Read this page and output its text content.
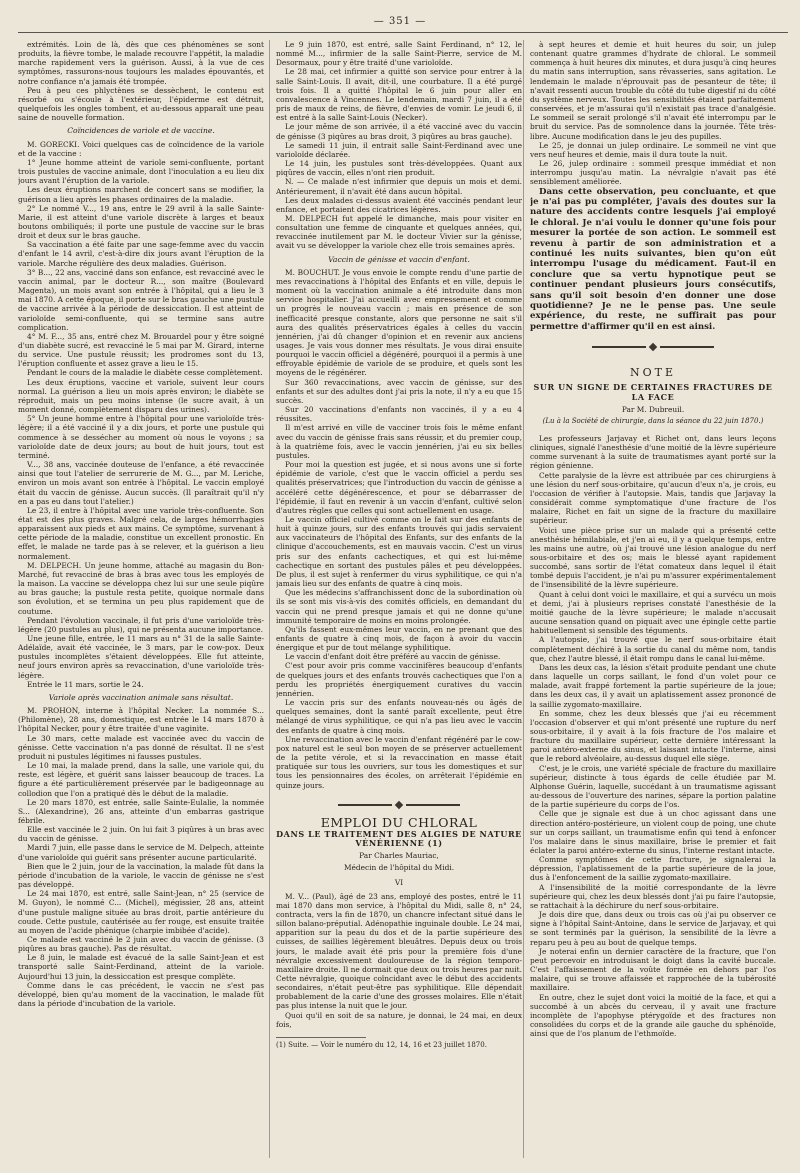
— 351 —

extrémités. Loin de là, dès que ces phénomènes se sont produits, la fièvre tombe, le malade recouvre l'appétit, la maladie marche rapidement vers la guérison. Aussi, à la vue de ces symptômes, rassurons-nous toujours les malades épouvantés, et notre confiance n'a jamais été trompée.

Peu à peu ces phlyctènes se dessèchent, le contenu est résorbé ou s'écoule à l'extérieur, l'épiderme est détruit, quelquefois les ongles tombent, et au-dessous apparaît une peau saine de nouvelle formation.

Coïncidences de variole et de vaccine.

M. GORECKI. Voici quelques cas de coïncidence de la variole et de la vaccine :

1° Jeune homme atteint de variole semi-confluente, portant trois pustules de vaccine animale, dont l'inoculation a eu lieu dix jours avant l'éruption de la variole.

Les deux éruptions marchent de concert sans se modifier, la guérison a lieu après les phases ordinaires de la maladie.

2° Le nommé V..., 19 ans, entre le 29 avril à la salle Sainte-Marie, il est atteint d'une variole discrète à larges et beaux boutons ombiliqués; il porte une pustule de vaccine sur le bras droit et deux sur le bras gauche.

Sa vaccination a été faite par une sage-femme avec du vaccin d'enfant le 14 avril, c'est-à-dire dix jours avant l'éruption de la variole. Marche régulière des deux maladies. Guérison.

3° B..., 22 ans, vacciné dans son enfance, est revacciné avec le vaccin animal, par le docteur R..., son maître (Boulevard Magenta), un mois avant son entrée à l'hôpital, qui a lieu le 3 mai 1870. A cette époque, il porte sur le bras gauche une pustule de vaccine arrivée à la période de dessiccation. Il est atteint de varioloïde semi-confluente, qui se termine sans autre complication.

4° M. F..., 35 ans, entré chez M. Brouardel pour y être soigné d'un diabète sucré, est revacciné le 5 mai par M. Girard, interne du service. Une pustule réussit; les prodromes sont du 13, l'éruption confluente et assez grave a lieu le 15.

Pendant le cours de la maladie le diabète cesse complètement.

Les deux éruptions, vaccine et variole, suivent leur cours normal. La guérison a lieu un mois après environ; le diabète se réproduit, mais un peu moins intense (le sucre avait, à un moment donné, complètement disparu des urines).

5° Un jeune homme entre à l'hôpital pour une varioloïde très-légère; il a été vacciné il y a dix jours, et porte une pustule qui commence à se dessécher au moment où nous le voyons ; sa varioloïde date de deux jours; au bout de huit jours, tout est terminé.

V..., 38 ans, vaccinée douteuse de l'enfance, a été revaccinée ainsi que tout l'atelier de serrurerie de M. G..., par M. Leriche, environ un mois avant son entrée à l'hôpital. Le vaccin employé était du vaccin de génisse. Aucun succès. (Il paraîtrait qu'il n'y en a pas eu dans tout l'atelier.)

Le 23, il entre à l'hôpital avec une variole très-confluente. Son état est des plus graves. Malgré cela, de larges hémorrhagies apparaissent aux pieds et aux mains. Ce symptôme, survenant à cette période de la maladie, constitue un excellent pronostic. En effet, le malade ne tarde pas à se relever, et la guérison a lieu normalement.

M. DELPECH. Un jeune homme, attaché au magasin du Bon-Marché, fut revacciné de bras à bras avec tous les employés de la maison. La vaccine se développa chez lui sur une seule piqûre au bras gauche; la pustule resta petite, quoique normale dans son évolution, et se termina un peu plus rapidement que de coutume.

Pendant l'évolution vaccinale, il fut pris d'une varioloïde très-légère (20 pustules au plus), qui ne présenta aucune importance.

Une jeune fille, entrée, le 11 mars au n° 31 de la salle Sainte-Adélaïde, avait été vaccinée, le 3 mars, par le cow-pox. Deux pustules incomplètes s'étaient développées. Elle fut atteinte, neuf jours environ après sa revaccination, d'une varioloïde très-légère.

Entrée le 11 mars, sortie le 24.

Variole après vaccination animale sans résultat.

M. PROHON, interne à l'hôpital Necker. La nommée S... (Philomène), 28 ans, domestique, est entrée le 14 mars 1870 à l'hôpital Necker, pour y être traitée d'une vaginite.

Le 30 mars, cette malade est vaccinée avec du vaccin de génisse. Cette vaccination n'a pas donné de résultat. Il ne s'est produit ni pustules légitimes ni fausses pustules.

Le 10 mai, la malade prend, dans la salle, une variole qui, du reste, est légère, et guérit sans laisser beaucoup de traces. La figure a été particulièrement préservée par le badigeonnage au collodion que l'on a pratiqué dès le début de la maladie.

Le 20 mars 1870, est entrée, salle Sainte-Eulalie, la nommée S... (Alexandrine), 26 ans, atteinte d'un embarras gastrique fébrile.

Elle est vaccinée le 2 juin. On lui fait 3 piqûres à un bras avec du vaccin de génisse.

Mardi 7 juin, elle passe dans le service de M. Delpech, atteinte d'une varioloïde qui guérit sans présenter aucune particularité.

Bien que le 2 juin, jour de la vaccination, la malade fût dans la période d'incubation de la variole, le vaccin de génisse ne s'est pas développé.

Le 24 mai 1870, est entré, salle Saint-Jean, n° 25 (service de M. Guyon), le nommé C... (Michel), mégissier, 28 ans, atteint d'une pustule maligne située au bras droit, partie antérieure du coude. Cette pustule, cautérisée au fer rouge, est ensuite traitée au moyen de l'acide phénique (charpie imbibée d'acide).

Ce malade est vacciné le 2 juin avec du vaccin de génisse. (3 piqûres au bras gauche). Pas de résultat.

Le 8 juin, le malade est évacué de la salle Saint-Jean et est transporté salle Saint-Ferdinand, atteint de la variole. Aujourd'hui 13 juin, la dessiccation est presque complète.

Comme dans le cas précédent, le vaccin ne s'est pas développé, bien qu'au moment de la vaccination, le malade fût dans la période d'incubation de la variole.

Le 9 juin 1870, est entré, salle Saint Ferdinand, n° 12, le nommé M..., infirmier de la salle Saint-Pierre, service de M. Desormaux, pour y être traité d'une varioloïde.

Le 28 mai, cet infirmier a quitté son service pour entrer à la salle Saint-Louis. Il avait, dit-il, une courbature. Il a été purgé trois fois. Il a quitté l'hôpital le 6 juin pour aller en convalescence à Vincennes. Le lendemain, mardi 7 juin, il a été pris de maux de reins, de fièvre, d'envies de vomir. Le jeudi 6, il est entré à la salle Saint-Louis (Necker).

Le jour même de son arrivée, il a été vacciné avec du vaccin de génisse (3 piqûres au bras droit, 3 piqûres au bras gauche).

Le samedi 11 juin, il entrait salle Saint-Ferdinand avec une varioloïde déclarée.

Le 14 juin, les pustules sont très-développées. Quant aux piqûres de vaccin, elles n'ont rien produit.

N. — Ce malade n'est infirmier que depuis un mois et demi. Antérieurement, il n'avait été dans aucun hôpital.

Les deux malades ci-dessus avaient été vaccinés pendant leur enfance, et portaient des cicatrices légères.

M. DELPECH fut appelé le dimanche, mais pour visiter en consultation une femme de cinquante et quelques années, qui, revaccinée inutilement par M. le docteur Vivier sur la génisse, avait vu se développer la variole chez elle trois semaines après.

Vaccin de génisse et vaccin d'enfant.

M. BOUCHUT. Je vous envoie le compte rendu d'une partie de mes revaccinations à l'hôpital des Enfants et en ville, depuis le moment où la vaccination animale a été introduite dans mon service hospitalier. J'ai accueilli avec empressement et comme un progrès le nouveau vaccin ; mais en présence de son inefficacité presque constante, alors que personne ne sait s'il aura des qualités préservatrices égales à celles du vaccin jennérien, j'ai dû changer d'opinion et en revenir aux anciens usages. Je vais vous donner mes résultats. Je vous dirai ensuite pourquoi le vaccin officiel a dégénéré, pourquoi il a permis à une effroyable épidémie de variole de se produire, et quels sont les moyens de le régénérer.

Sur 360 revaccinations, avec vaccin de génisse, sur des enfants et sur des adultes dont j'ai pris la note, il n'y a eu que 15 succès.

Sur 20 vaccinations d'enfants non vaccinés, il y a eu 4 réussites.

Il m'est arrivé en ville de vacciner trois fois le même enfant avec du vaccin de génisse frais sans réussir, et du premier coup, à la quatrième fois, avec le vaccin jennérien, j'ai eu six belles pustules.

Pour moi la question est jugée, et si nous avons une si forte épidémie de variole, c'est que le vaccin officiel a perdu ses qualités préservatrices; que l'introduction du vaccin de génisse a accéléré cette dégénérescence, et pour se débarrasser de l'épidémie, il faut en revenir à un vaccin d'enfant, cultivé selon d'autres règles que celles qui sont actuellement en usage.

Le vaccin officiel cultivé comme on le fait sur des enfants de huit à quinze jours, sur des enfants trouvés qui jadis servaient aux vaccinateurs de l'hôpital des Enfants, sur des enfants de la clinique d'accouchements, est en mauvais vaccin. C'est un virus pris sur des enfants cachectiques, et qui est lui-même cachectique en sortant des pustules pâles et peu développées. De plus, il est sujet à renfermer du virus syphilitique, ce qui n'a jamais lieu sur des enfants de quatre à cinq mois.

Que les médecins s'affranchissent donc de la subordination où ils se sont mis vis-à-vis des comités officiels, en demandant du vaccin qui ne prend presque jamais et qui ne donne qu'une immunité temporaire de moins en moins prolongée.

Qu'ils fassent eux-mêmes leur vaccin, en ne prenant que des enfants de quatre à cinq mois, de façon à avoir du vaccin énergique et pur de tout mélange syphilitique.

Le vaccin d'enfant doit être préféré au vaccin de génisse.

C'est pour avoir pris comme vaccinifères beaucoup d'enfants de quelques jours et des enfants trouvés cachectiques que l'on a perdu les propriétés énergiquement curatives du vaccin jennérien.

Le vaccin pris sur des enfants nouveau-nés ou âgés de quelques semaines, dont la santé paraît excellente, peut être mélangé de virus syphilitique, ce qui n'a pas lieu avec le vaccin des enfants de quatre à cinq mois.

Une revaccination avec le vaccin d'enfant régénéré par le cow-pox naturel est le seul bon moyen de se préserver actuellement de la petite vérole, et si la revaccination en masse était pratiquée sur tous les ouvriers, sur tous les domestiques et sur tous les pensionnaires des écoles, on arrêterait l'épidémie en quinze jours.

EMPLOI DU CHLORAL
DANS LE TRAITEMENT DES ALGIES DE NATURE VÉNÉRIENNE (1)

Par Charles Mauriac,

Médecin de l'hôpital du Midi.

VI

M. V... (Paul), âgé de 23 ans, employé des postes, entré le 11 mai 1870 dans mon service, à l'hôpital du Midi, salle 8, n° 24, contracta, vers la fin de 1870, un chancre infectant situé dans le sillon balano-préputial. Adénopathie inguinale double. Le 24 mai, apparition sur la peau du dos et de la partie supérieure des cuisses, de saillies légèrement bleuâtres. Depuis deux ou trois jours, le malade avait été pris pour la première fois d'une névralgie excessivement douloureuse de la région temporo-maxillaire droite. Il ne dormait que deux ou trois heures par nuit. Cette névralgie, quoique coïncidant avec le début des accidents secondaires, n'était peut-être pas syphilitique. Elle dépendait probablement de la carie d'une des grosses molaires. Elle n'était pas plus intense la nuit que le jour.

Quoi qu'il en soit de sa nature, je donnai, le 24 mai, en deux fois,

(1) Suite. — Voir le numéro du 12, 14, 16 et 23 juillet 1870.

à sept heures et demie et huit heures du soir, un julep contenant quatre grammes d'hydrate de chloral. Le sommeil commença à huit heures dix minutes, et dura jusqu'à cinq heures du matin sans interruption, sans rêvasseries, sans agitation. Le lendemain le malade n'éprouvait pas de pesanteur de tête; il n'avait ressenti aucun trouble du côté du tube digestif ni du côté du système nerveux. Toutes les sensibilités étaient parfaitement conservées, et je m'assurai qu'il n'existait pas trace d'analgésie. Le sommeil se serait prolongé s'il n'avait été interrompu par le bruit du service. Pas de somnolence dans la journée. Tête très-libre. Aucune modification dans le jeu des pupilles.

Le 25, je donnai un julep ordinaire. Le sommeil ne vint que vers neuf heures et demie, mais il dura toute la nuit.

Le 26, julep ordinaire : sommeil presque immédiat et non interrompu jusqu'au matin. La névralgie n'avait pas été sensiblement améliorée.

Dans cette observation, peu concluante, et que je n'ai pas pu compléter, j'avais des doutes sur la nature des accidents contre lesquels j'ai employé le chloral. Je n'ai voulu le donner qu'une fois pour mesurer la portée de son action. Le sommeil est revenu à partir de son administration et a continué les nuits suivantes, bien qu'on eût interrompu l'usage du médicament. Faut-il en conclure que sa vertu hypnotique peut se continuer pendant plusieurs jours consécutifs, sans qu'il soit besoin d'en donner une dose quotidienne? Je ne le pense pas. Une seule expérience, du reste, ne suffirait pas pour permettre d'affirmer qu'il en est ainsi.

NOTE

SUR UN SIGNE DE CERTAINES FRACTURES DE LA FACE

Par M. Dubreuil.

(Lu à la Société de chirurgie, dans la séance du 22 juin 1870.)

Les professeurs Jarjavay et Richet ont, dans leurs leçons cliniques, signalé l'anesthésie d'une moitié de la lèvre supérieure comme survenant à la suite de traumatismes ayant porté sur la région génienne.

Cette paralysie de la lèvre est attribuée par ces chirurgiens à une lésion du nerf sous-orbitaire, qu'aucun d'eux n'a, je crois, eu l'occasion de vérifier à l'autopsie. Mais, tandis que Jarjavay la considérait comme symptomatique d'une fracture de l'os malaire, Richet en fait un signe de la fracture du maxillaire supérieur.

Voici une pièce prise sur un malade qui a présenté cette anesthésie hémilabiale, et j'en ai eu, il y a quelque temps, entre les mains une autre, où j'ai trouvé une lésion analogue du nerf sous-orbitaire et des os; mais le blessé ayant rapidement succombé, sans sortir de l'état comateux dans lequel il était tombé depuis l'accident, je n'ai pu m'assurer expérimentalement de l'insensibilité de la lèvre supérieure.

Quant à celui dont voici le maxillaire, et qui a survécu un mois et demi, j'ai à plusieurs reprises constaté l'anesthésie de la moitié gauche de la lèvre supérieure; le malade n'accusait aucune sensation quand on piquait avec une épingle cette partie habituellement si sensible des téguments.

A l'autopsie, j'ai trouvé que le nerf sous-orbitaire était complètement déchiré à la sortie du canal du même nom, tandis que, chez l'autre blessé, il était rompu dans le canal lui-même.

Dans les deux cas, la lésion s'était produite pendant une chute dans laquelle un corps saillant, le fond d'un volet pour ce malade, avait frappé fortement la partie supérieure de la joue; dans les deux cas, il y avait un aplatissement assez prononcé de la saillie zygomato-maxillaire.

En somme, chez les deux blessés que j'ai eu récemment l'occasion d'observer et qui m'ont présenté une rupture du nerf sous-orbitaire, il y avait à la fois fracture de l'os malaire et fracture du maxillaire supérieur, cette dernière intéressant la paroi antéro-externe du sinus, et laissant intacte l'interne, ainsi que le rebord alvéolaire, au-dessus duquel elle siège.

C'est, je le crois, une variété spéciale de fracture du maxillaire supérieur, distincte à tous égards de celle étudiée par M. Alphonse Guérin, laquelle, succédant à un traumatisme agissant au-dessous de l'ouverture des narines, sépare la portion palatine de la partie supérieure du corps de l'os.

Celle que je signale est due à un choc agissant dans une direction antéro-postérieure, un violent coup de poing, une chute sur un corps saillant, un traumatisme enfin qui tend à enfoncer l'os malaire dans le sinus maxillaire, brise le premier et fait éclater la paroi antéro-externe du sinus, l'interne restant intacte.

Comme symptômes de cette fracture, je signalerai la dépression, l'aplatissement de la partie supérieure de la joue, dus à l'enfoncement de la saillie zygomato-maxillaire.

A l'insensibilité de la moitié correspondante de la lèvre supérieure qui, chez les deux blessés dont j'ai pu faire l'autopsie, se rattachait à la déchirure du nerf sous-orbitaire.

Je dois dire que, dans deux ou trois cas où j'ai pu observer ce signe à l'hôpital Saint-Antoine, dans le service de Jarjavay, et qui se sont terminés par la guérison, la sensibilité de la lèvre a reparu peu à peu au bout de quelque temps.

Je noterai enfin un dernier caractère de la fracture, que l'on peut percevoir en introduisant le doigt dans la cavité buccale. C'est l'affaissement de la voûte formée en dehors par l'os malaire, qui se trouve affaissée et rapprochée de la tubérosité maxillaire.

En outre, chez le sujet dont voici la moitié de la face, et qui a succombé à un abcès du cerveau, il y avait une fracture incomplète de l'apophyse ptérygoïde et des fractures non consolidées du corps et de la grande aile gauche du sphénoïde, ainsi que de l'os planum de l'ethmoïde.
